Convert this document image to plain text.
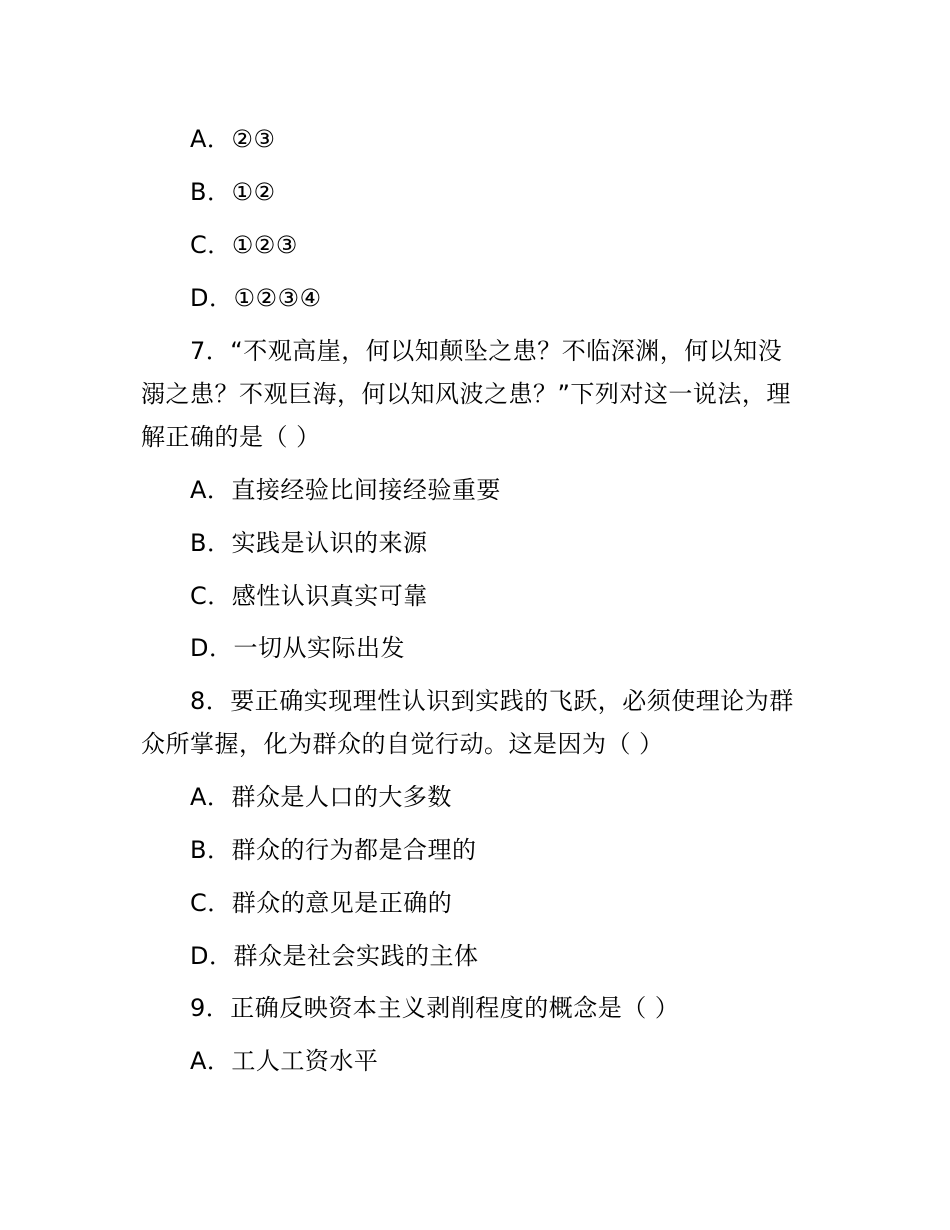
A．②③
B．①②
C．①②③
D．①②③④
7．“不观高崖，何以知颠坠之患？不临深渊，何以知没
溺之患？不观巨海，何以知风波之患？”下列对这一说法，理
解正确的是（ ）
A．直接经验比间接经验重要
B．实践是认识的来源
C．感性认识真实可靠
D．一切从实际出发
8．要正确实现理性认识到实践的飞跃，必须使理论为群
众所掌握，化为群众的自觉行动。这是因为（ ）
A．群众是人口的大多数
B．群众的行为都是合理的
C．群众的意见是正确的
D．群众是社会实践的主体
9．正确反映资本主义剥削程度的概念是（ ）
A．工人工资水平
